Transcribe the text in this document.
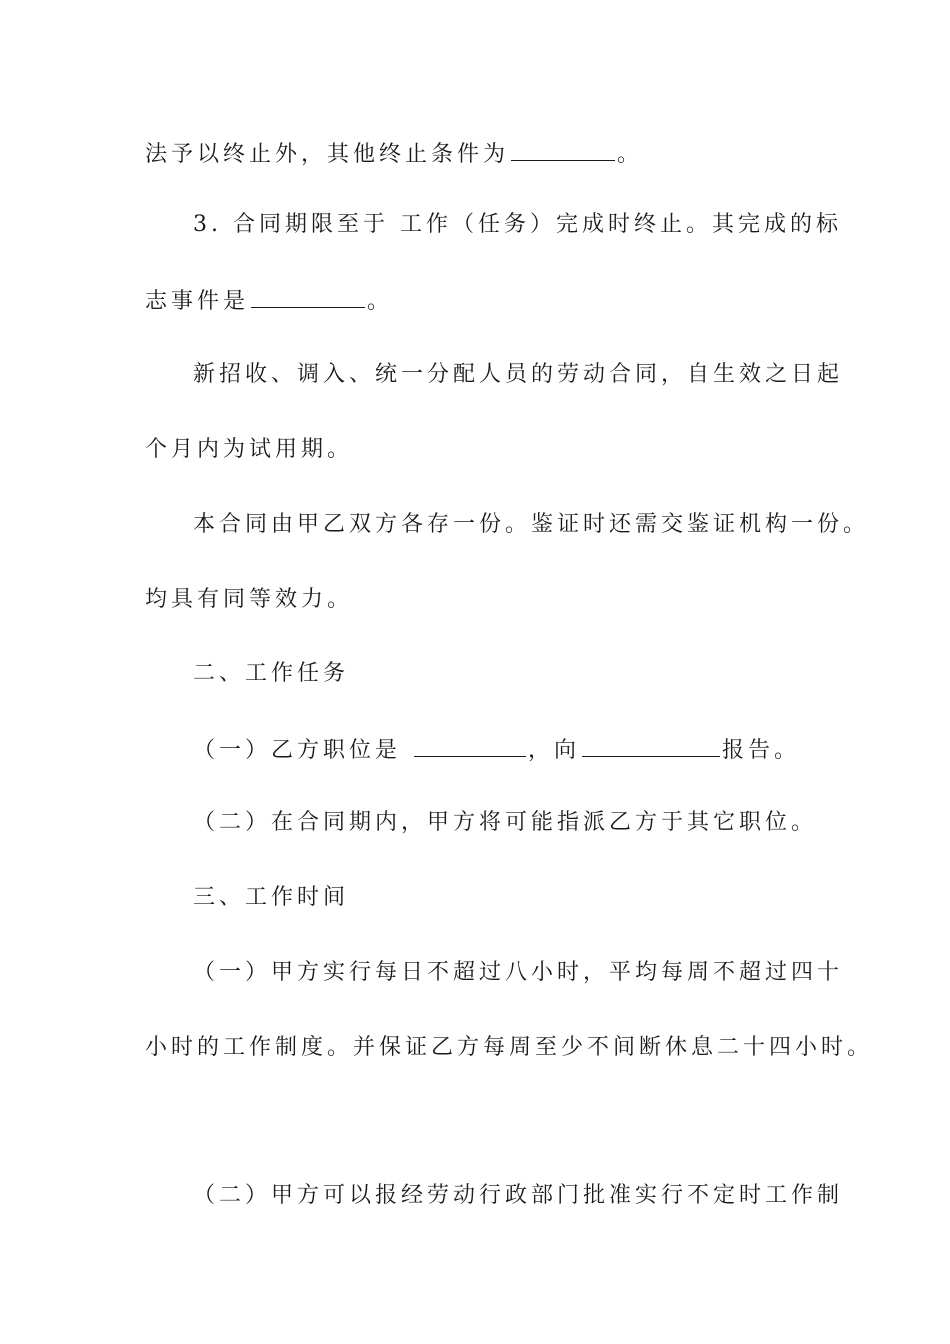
法予以终止外，其他终止条件为	。
3. 合同期限至于 工作（任务）完成时终止。其完成的标
志事件是	。
新招收、调入、统一分配人员的劳动合同，自生效之日起
个月内为试用期。
本合同由甲乙双方各存一份。鉴证时还需交鉴证机构一份。
均具有同等效力。
二、工作任务
（一）乙方职位是	，向	报告。
（二）在合同期内，甲方将可能指派乙方于其它职位。
三、工作时间
（一）甲方实行每日不超过八小时，平均每周不超过四十
小时的工作制度。并保证乙方每周至少不间断休息二十四小时。
（二）甲方可以报经劳动行政部门批准实行不定时工作制
